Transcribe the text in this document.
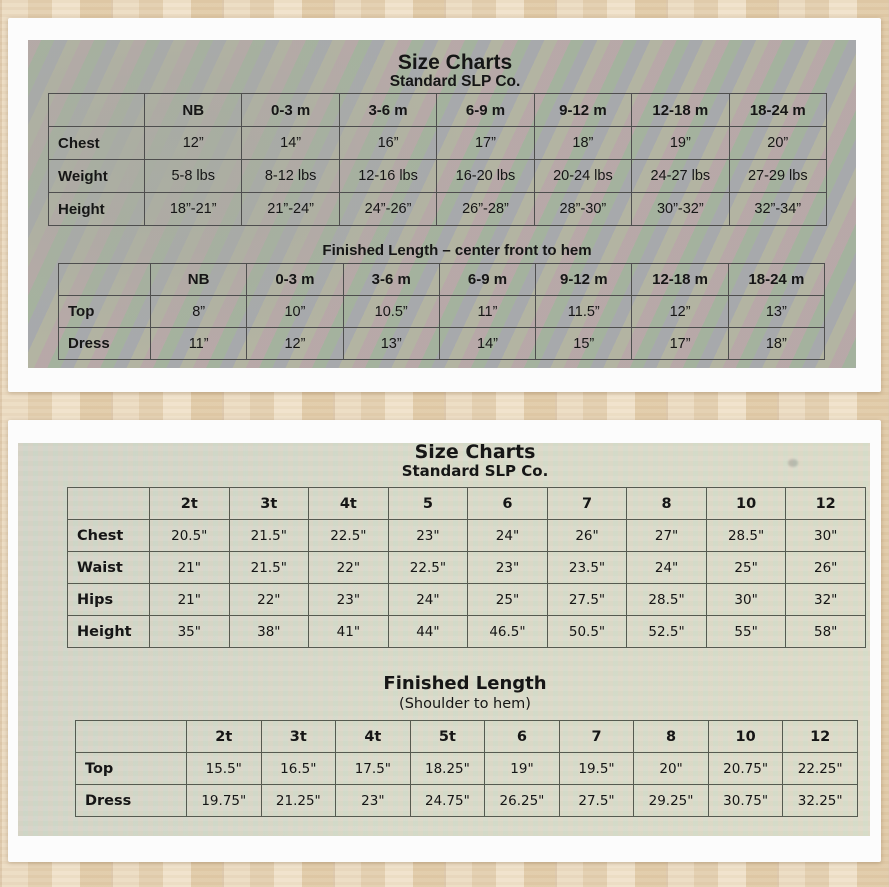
Size Charts
Standard SLP Co.
	NB	0-3 m	3-6 m	6-9 m	9-12 m	12-18 m	18-24 m
Chest	12”	14”	16”	17”	18”	19”	20”
Weight	5-8 lbs	8-12 lbs	12-16 lbs	16-20 lbs	20-24 lbs	24-27 lbs	27-29 lbs
Height	18”-21”	21”-24”	24”-26”	26”-28”	28”-30”	30”-32”	32”-34”
Finished Length – center front to hem
	NB	0-3 m	3-6 m	6-9 m	9-12 m	12-18 m	18-24 m
Top	8”	10”	10.5”	11”	11.5”	12”	13”
Dress	11”	12”	13”	14”	15”	17”	18”
Size Charts
Standard SLP Co.
	2t	3t	4t	5	6	7	8	10	12
Chest	20.5"	21.5"	22.5"	23"	24"	26"	27"	28.5"	30"
Waist	21"	21.5"	22"	22.5"	23"	23.5"	24"	25"	26"
Hips	21"	22"	23"	24"	25"	27.5"	28.5"	30"	32"
Height	35"	38"	41"	44"	46.5"	50.5"	52.5"	55"	58"
Finished Length
(Shoulder to hem)
	2t	3t	4t	5t	6	7	8	10	12
Top	15.5"	16.5"	17.5"	18.25"	19"	19.5"	20"	20.75"	22.25"
Dress	19.75"	21.25"	23"	24.75"	26.25"	27.5"	29.25"	30.75"	32.25"
